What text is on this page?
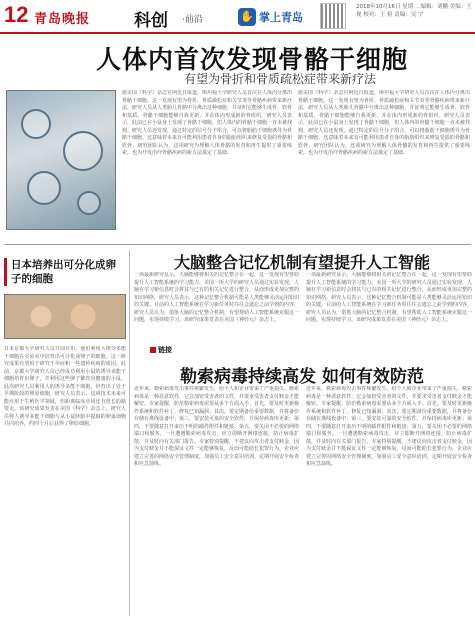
12 青岛晚报	科创 ·前沿	✋ 掌上青岛
2018年10月16日 星期二 编辑：刘鹏 美编：王 视 校对：王 检 责编：吴 宇
人体内首次发现骨骼干细胞
有望为骨折和骨质疏松症带来新疗法
据美国《科学》杂志官网近日报道，斯坦福大学研究人员首次在人体内分离出骨骼干细胞。这一发现有望为骨折、骨质疏松症和关节炎等骨骼疾病带来新疗法。研究人员从人类胎儿骨骼中分离出这种细胞，并证明它能够生成骨、软骨和基质。骨骼干细胞能够自我更新，并在体内形成新的骨组织。研究人员表示，此前已在小鼠身上发现了骨骼干细胞，但人体内的骨骼干细胞一直未被找到。研究人员还发现，通过特定的信号分子组合，可以将脂肪干细胞诱导为骨骼干细胞。这意味着未来有可能利用患者自身的脂肪组织来修复受损的骨骼和软骨。研究团队认为，这项研究为理解人体骨骼的发育和再生提供了重要线索，也为开发治疗骨骼疾病的新方法奠定了基础。
据美国《科学》杂志官网近日报道，斯坦福大学研究人员首次在人体内分离出骨骼干细胞。这一发现有望为骨折、骨质疏松症和关节炎等骨骼疾病带来新疗法。研究人员从人类胎儿骨骼中分离出这种细胞，并证明它能够生成骨、软骨和基质。骨骼干细胞能够自我更新，并在体内形成新的骨组织。研究人员表示，此前已在小鼠身上发现了骨骼干细胞，但人体内的骨骼干细胞一直未被找到。研究人员还发现，通过特定的信号分子组合，可以将脂肪干细胞诱导为骨骼干细胞。这意味着未来有可能利用患者自身的脂肪组织来修复受损的骨骼和软骨。研究团队认为，这项研究为理解人体骨骼的发育和再生提供了重要线索，也为开发治疗骨骼疾病的新方法奠定了基础。
日本培养出可分化成卵子的细胞
日本京都大学研究人员日前宣布，他们利用人诱导多能干细胞在实验室中培育出可分化成卵子的细胞。这一研究成果有望用于研究不孕症和一些遗传疾病的成因。此前，京都大学研究人员已经成功利用小鼠的诱导多能干细胞培育出卵子，并利用这些卵子繁育出健康的小鼠。此次研究人员利用人的诱导多能干细胞，培育出了处于早期阶段的卵原细胞。研究人员表示，这项技术未来可能应用于生殖医学领域，但距离临床应用还有很长的路要走。该研究成果发表在美国《科学》杂志上。研究人员将人诱导多能干细胞与从小鼠胚胎中提取的卵巢细胞共同培养，约四个月后获得了卵原细胞。
大脑整合记忆机制有望提升人工智能
一项最新研究显示，大脑能够将相关的记忆整合在一起，这一发现有望帮助提升人工智能系统的学习能力。美国一所大学的研究人员通过实验发现，人脑在学习新信息时会将其与已有的相关记忆进行整合，从而形成更加完整的知识网络。研究人员表示，这种记忆整合机制可能是人类能够灵活运用知识的关键。目前的人工智能系统在学习新任务时往往会遗忘之前学到的内容，研究人员认为，借鉴大脑的记忆整合机制，有望帮助人工智能系统克服这一问题，实现持续学习。该研究成果发表在美国《神经元》杂志上。
一项最新研究显示，大脑能够将相关的记忆整合在一起，这一发现有望帮助提升人工智能系统的学习能力。美国一所大学的研究人员通过实验发现，人脑在学习新信息时会将其与已有的相关记忆进行整合，从而形成更加完整的知识网络。研究人员表示，这种记忆整合机制可能是人类能够灵活运用知识的关键。目前的人工智能系统在学习新任务时往往会遗忘之前学到的内容，研究人员认为，借鉴大脑的记忆整合机制，有望帮助人工智能系统克服这一问题，实现持续学习。该研究成果发表在美国《神经元》杂志上。
链接
勒索病毒持续高发 如何有效防范
近年来，勒索病毒攻击事件频繁发生，给个人和企业带来了严重损失。勒索病毒是一种恶意软件，它会加密受害者的文件，并要求受害者支付赎金才能解密。专家提醒，防范勒索病毒需要从多个方面入手。首先，要及时更新操作系统和软件补丁，修复已知漏洞；其次，要定期备份重要数据，并将备份存储在离线设备中；第三，要安装可靠的安全软件，并保持病毒库更新；第四，不要随意打开来历不明的邮件附件和链接；第五，要关闭不必要的网络端口和服务。一旦遭遇勒索病毒攻击，应立即断开网络连接，防止病毒扩散，并及时向有关部门报告。专家特别提醒，不建议向攻击者支付赎金，因为支付赎金并不能保证文件一定能够恢复，反而可能助长犯罪行为。企业应建立完善的网络安全管理制度，加强员工安全意识培训，定期开展安全检查和应急演练。
近年来，勒索病毒攻击事件频繁发生，给个人和企业带来了严重损失。勒索病毒是一种恶意软件，它会加密受害者的文件，并要求受害者支付赎金才能解密。专家提醒，防范勒索病毒需要从多个方面入手。首先，要及时更新操作系统和软件补丁，修复已知漏洞；其次，要定期备份重要数据，并将备份存储在离线设备中；第三，要安装可靠的安全软件，并保持病毒库更新；第四，不要随意打开来历不明的邮件附件和链接；第五，要关闭不必要的网络端口和服务。一旦遭遇勒索病毒攻击，应立即断开网络连接，防止病毒扩散，并及时向有关部门报告。专家特别提醒，不建议向攻击者支付赎金，因为支付赎金并不能保证文件一定能够恢复，反而可能助长犯罪行为。企业应建立完善的网络安全管理制度，加强员工安全意识培训，定期开展安全检查和应急演练。
